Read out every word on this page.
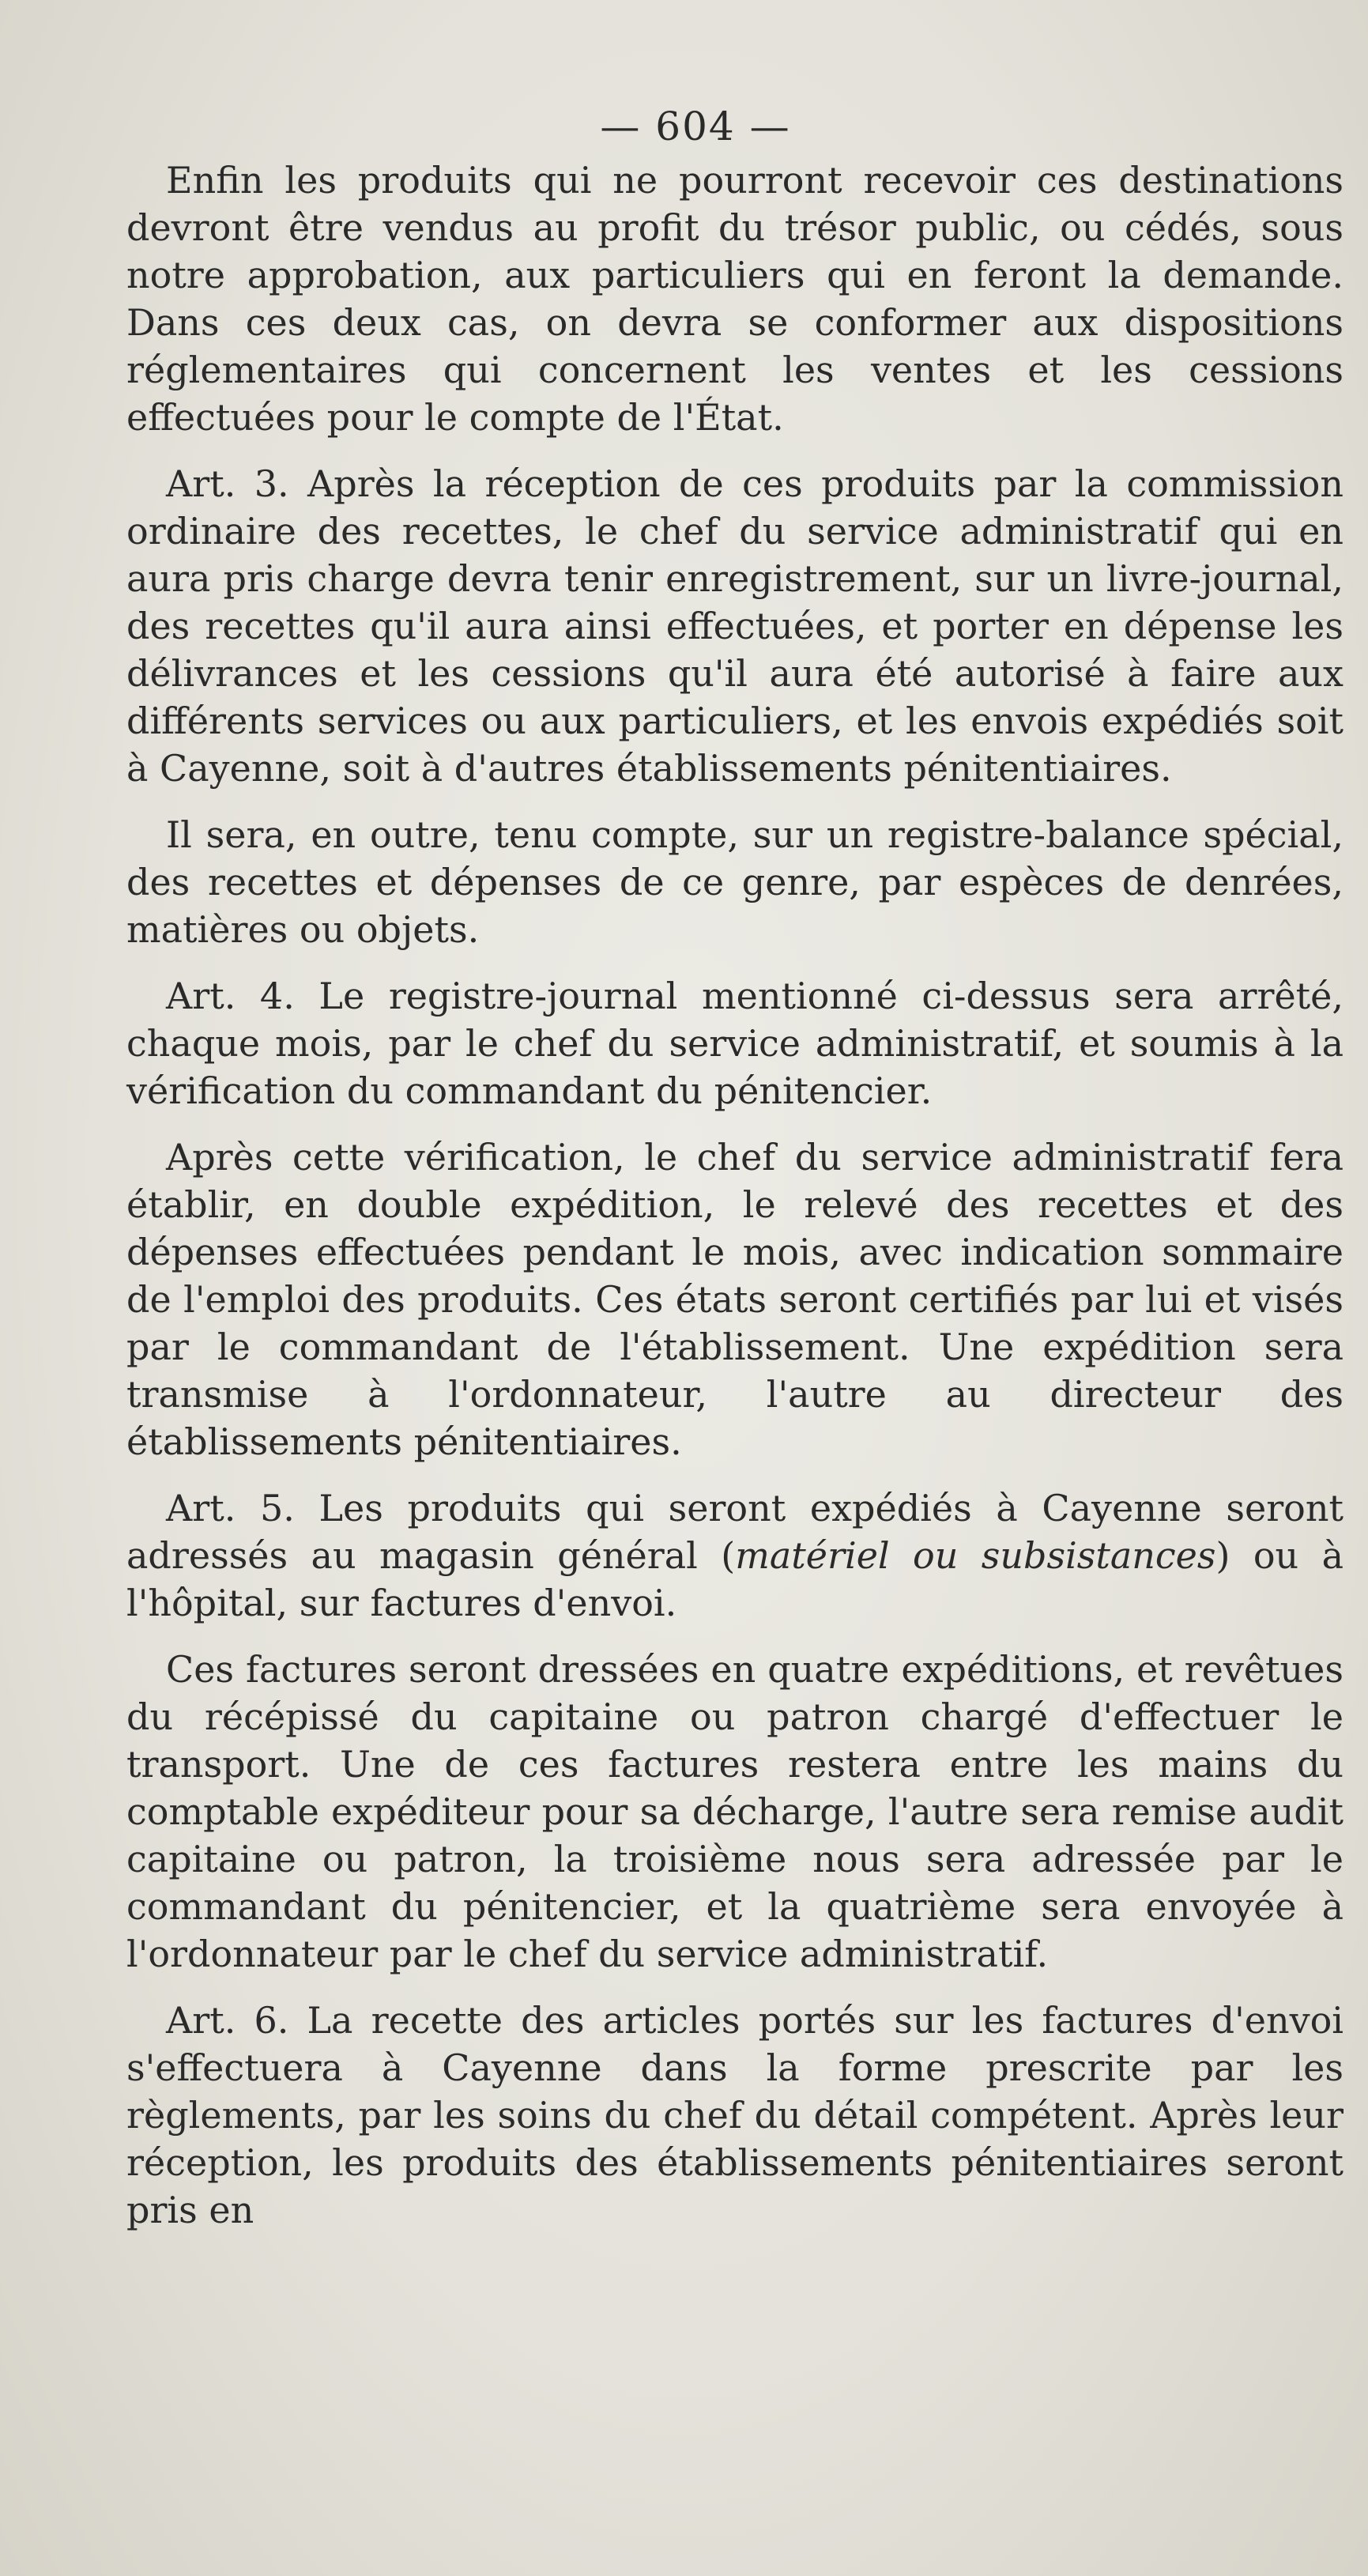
— 604 —

Enfin les produits qui ne pourront recevoir ces destinations devront être vendus au profit du trésor public, ou cédés, sous notre approbation, aux particuliers qui en feront la demande. Dans ces deux cas, on devra se conformer aux dispositions réglementaires qui concernent les ventes et les cessions effectuées pour le compte de l'État.

Art. 3. Après la réception de ces produits par la commission ordinaire des recettes, le chef du service administratif qui en aura pris charge devra tenir enregistrement, sur un livre-journal, des recettes qu'il aura ainsi effectuées, et porter en dépense les délivrances et les cessions qu'il aura été autorisé à faire aux différents services ou aux particuliers, et les envois expédiés soit à Cayenne, soit à d'autres établissements pénitentiaires.

Il sera, en outre, tenu compte, sur un registre-balance spécial, des recettes et dépenses de ce genre, par espèces de denrées, matières ou objets.

Art. 4. Le registre-journal mentionné ci-dessus sera arrêté, chaque mois, par le chef du service administratif, et soumis à la vérification du commandant du pénitencier.

Après cette vérification, le chef du service administratif fera établir, en double expédition, le relevé des recettes et des dépenses effectuées pendant le mois, avec indication sommaire de l'emploi des produits. Ces états seront certifiés par lui et visés par le commandant de l'établissement. Une expédition sera transmise à l'ordonnateur, l'autre au directeur des établissements pénitentiaires.

Art. 5. Les produits qui seront expédiés à Cayenne seront adressés au magasin général (matériel ou subsistances) ou à l'hôpital, sur factures d'envoi.

Ces factures seront dressées en quatre expéditions, et revêtues du récépissé du capitaine ou patron chargé d'effectuer le transport. Une de ces factures restera entre les mains du comptable expéditeur pour sa décharge, l'autre sera remise audit capitaine ou patron, la troisième nous sera adressée par le commandant du pénitencier, et la quatrième sera envoyée à l'ordonnateur par le chef du service administratif.

Art. 6. La recette des articles portés sur les factures d'envoi s'effectuera à Cayenne dans la forme prescrite par les règlements, par les soins du chef du détail compétent. Après leur réception, les produits des établissements pénitentiaires seront pris en
